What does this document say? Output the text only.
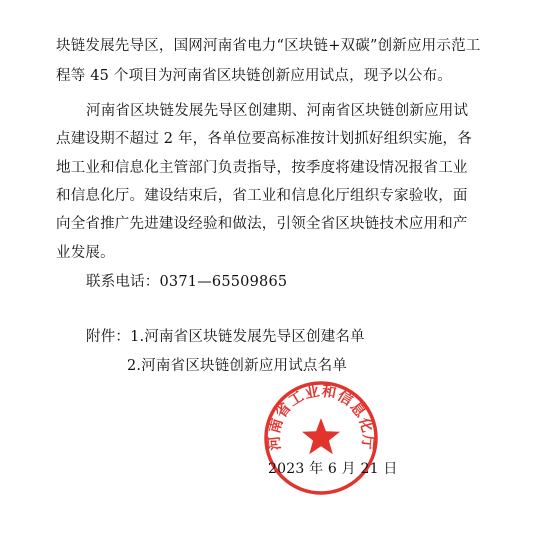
块链发展先导区，国网河南省电力“区块链+双碳”创新应用示范工
程等 45 个项目为河南省区块链创新应用试点，现予以公布。
河南省区块链发展先导区创建期、河南省区块链创新应用试
点建设期不超过 2 年，各单位要高标准按计划抓好组织实施，各
地工业和信息化主管部门负责指导，按季度将建设情况报省工业
和信息化厅。建设结束后，省工业和信息化厅组织专家验收，面
向全省推广先进建设经验和做法，引领全省区块链技术应用和产
业发展。
联系电话：0371—65509865
附件：1.河南省区块链发展先导区创建名单
2.河南省区块链创新应用试点名单
河南省工业和信息化厅
2023 年 6 月 21 日
